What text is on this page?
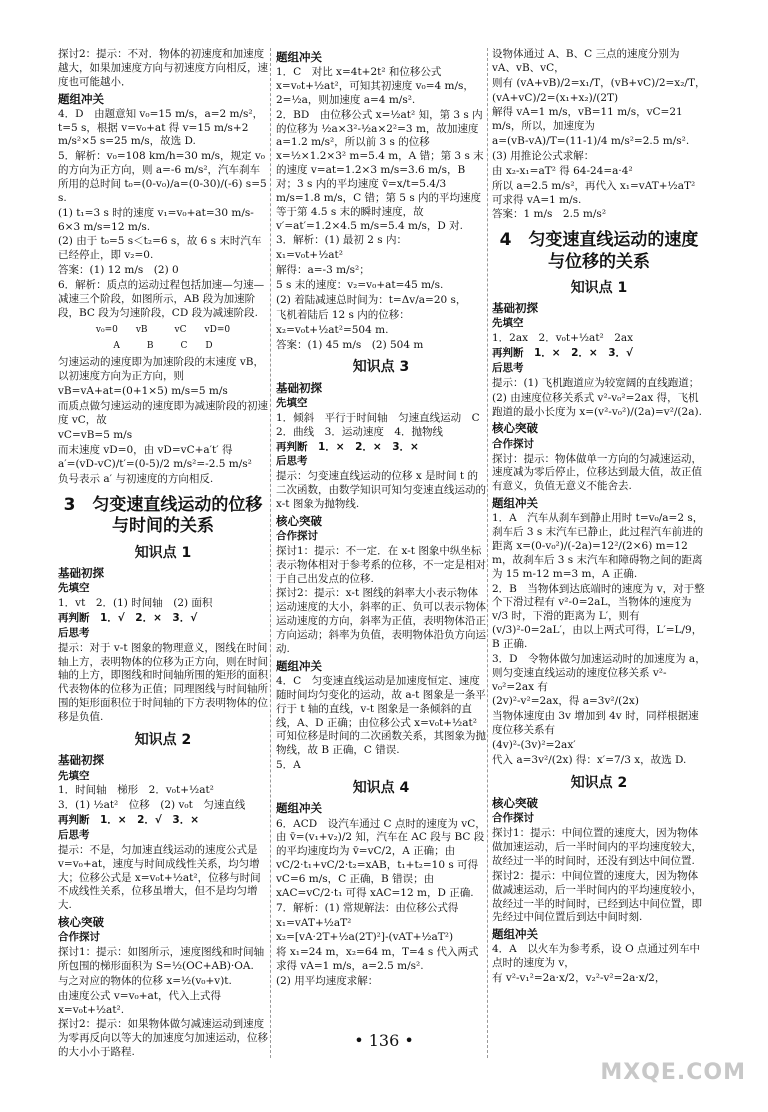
探讨2：提示：不对．物体的初速度和加速度越大，如果加速度方向与初速度方向相反，速度也可能越小．

题组冲关

4．D　由题意知 v₀=15 m/s，a=2 m/s²，t=5 s，根据 v=v₀+at 得 v=15 m/s+2 m/s²×5 s=25 m/s，故选 D.

5．解析：v₀=108 km/h=30 m/s，规定 v₀ 的方向为正方向，则 a=-6 m/s²，汽车刹车所用的总时间 t₀=(0-v₀)/a=(0-30)/(-6) s=5 s.

(1) t₁=3 s 时的速度 v₁=v₀+at=30 m/s-6×3 m/s=12 m/s.

(2) 由于 t₀=5 s＜t₂=6 s，故 6 s 末时汽车已经停止，即 v₂=0.

答案：(1) 12 m/s　(2) 0

6．解析：质点的运动过程包括加速—匀速—减速三个阶段，如图所示，AB 段为加速阶段，BC 段为匀速阶段，CD 段为减速阶段.

v₀=0　　vB　　　vC　　vD=0

A　　　B　　　C　　D

匀速运动的速度即为加速阶段的末速度 vB，以初速度方向为正方向，则

vB=vA+at=(0+1×5) m/s=5 m/s

而质点做匀速运动的速度即为减速阶段的初速度 vC，故

vC=vB=5 m/s

而末速度 vD=0，由 vD=vC+a′t′ 得

a′=(vD-vC)/t′=(0-5)/2 m/s²=-2.5 m/s²

负号表示 a′ 与初速度的方向相反.

3　匀变速直线运动的位移与时间的关系
知识点 1
基础初探
先填空

1．vt　2．(1) 时间轴　(2) 面积

再判断　1．√　2．×　3．√
后思考

提示：对于 v-t 图象的物理意义，图线在时间轴上方，表明物体的位移为正方向，则在时间轴的上方，即图线和时间轴所围的矩形的面积代表物体的位移为正值；同理图线与时间轴所围的矩形面积位于时间轴的下方表明物体的位移是负值.

知识点 2
基础初探
先填空

1．时间轴　梯形　2．v₀t+½at²

3．(1) ½at²　位移　(2) v₀t　匀速直线

再判断　1．×　2．√　3．×
后思考

提示：不是，匀加速直线运动的速度公式是 v=v₀+at，速度与时间成线性关系，均匀增大；位移公式是 x=v₀t+½at²，位移与时间不成线性关系，位移虽增大，但不是均匀增大.

核心突破
合作探讨

探讨1：提示：如图所示，速度图线和时间轴所包围的梯形面积为 S=½(OC+AB)·OA.

与之对应的物体的位移 x=½(v₀+v)t.

由速度公式 v=v₀+at，代入上式得 x=v₀t+½at².

探讨2：提示：如果物体做匀减速运动到速度为零再反向以等大的加速度匀加速运动，位移的大小小于路程.

题组冲关

1．C　对比 x=4t+2t² 和位移公式 x=v₀t+½at²，可知其初速度 v₀=4 m/s，2=½a，则加速度 a=4 m/s².

2．BD　由位移公式 x=½at² 知，第 3 s 内的位移为 ½a×3²-½a×2²=3 m，故加速度 a=1.2 m/s²，所以前 3 s 的位移 x=½×1.2×3² m=5.4 m，A 错；第 3 s 末的速度 v=at=1.2×3 m/s=3.6 m/s，B 对；3 s 内的平均速度 v̄=x/t=5.4/3 m/s=1.8 m/s，C 错；第 5 s 内的平均速度等于第 4.5 s 末的瞬时速度，故 v′=at′=1.2×4.5 m/s=5.4 m/s，D 对.

3．解析：(1) 最初 2 s 内：

x₁=v₀t+½at²

解得：a=-3 m/s²；

5 s 末的速度：v₂=v₀+at=45 m/s.

(2) 着陆减速总时间为：t=Δv/a=20 s，

飞机着陆后 12 s 内的位移：

x₂=v₀t+½at²=504 m.

答案：(1) 45 m/s　(2) 504 m

知识点 3
基础初探
先填空

1．倾斜　平行于时间轴　匀速直线运动　C　2．曲线　3．运动速度　4．抛物线

再判断　1．×　2．×　3．×
后思考

提示：匀变速直线运动的位移 x 是时间 t 的二次函数，由数学知识可知匀变速直线运动的 x-t 图象为抛物线.

核心突破
合作探讨

探讨1：提示：不一定．在 x-t 图象中纵坐标表示物体相对于参考系的位移，不一定是相对于自己出发点的位移.

探讨2：提示：x-t 图线的斜率大小表示物体运动速度的大小，斜率的正、负可以表示物体运动速度的方向，斜率为正值，表明物体沿正方向运动；斜率为负值，表明物体沿负方向运动.

题组冲关

4．C　匀变速直线运动是加速度恒定、速度随时间均匀变化的运动，故 a-t 图象是一条平行于 t 轴的直线，v-t 图象是一条倾斜的直线，A、D 正确；由位移公式 x=v₀t+½at² 可知位移是时间的二次函数关系，其图象为抛物线，故 B 正确，C 错误.

5．A

知识点 4
题组冲关

6．ACD　设汽车通过 C 点时的速度为 vC，由 v̄=(v₁+v₂)/2 知，汽车在 AC 段与 BC 段的平均速度均为 v̄=vC/2，A 正确；由 vC/2·t₁+vC/2·t₂=xAB，t₁+t₂=10 s 可得 vC=6 m/s，C 正确，B 错误；由 xAC=vC/2·t₁ 可得 xAC=12 m，D 正确.

7．解析：(1) 常规解法：由位移公式得

x₁=vAT+½aT²

x₂=[vA·2T+½a(2T)²]-(vAT+½aT²)

将 x₁=24 m，x₂=64 m，T=4 s 代入两式求得 vA=1 m/s，a=2.5 m/s².

(2) 用平均速度求解：

设物体通过 A、B、C 三点的速度分别为 vA、vB、vC，

则有 (vA+vB)/2=x₁/T，(vB+vC)/2=x₂/T，

(vA+vC)/2=(x₁+x₂)/(2T)

解得 vA=1 m/s，vB=11 m/s，vC=21 m/s，所以，加速度为

a=(vB-vA)/T=(11-1)/4 m/s²=2.5 m/s².

(3) 用推论公式求解：

由 x₂-x₁=aT² 得 64-24=a·4²

所以 a=2.5 m/s²，再代入 x₁=vAT+½aT² 可求得 vA=1 m/s.

答案：1 m/s　2.5 m/s²

4　匀变速直线运动的速度与位移的关系
知识点 1
基础初探
先填空

1．2ax　2．v₀t+½at²　2ax

再判断　1．×　2．×　3．√
后思考

提示：(1) 飞机跑道应为较宽阔的直线跑道；

(2) 由速度位移关系式 v²-v₀²=2ax 得，飞机跑道的最小长度为 x=(v²-v₀²)/(2a)=v²/(2a).

核心突破
合作探讨

探讨：提示：物体做单一方向的匀减速运动，速度减为零后停止，位移达到最大值，故正值有意义，负值无意义不能舍去.

题组冲关

1．A　汽车从刹车到静止用时 t=v₀/a=2 s，刹车后 3 s 末汽车已静止，此过程汽车前进的距离 x=(0-v₀²)/(-2a)=12²/(2×6) m=12 m，故刹车后 3 s 末汽车和障碍物之间的距离为 15 m-12 m=3 m，A 正确.

2．B　当物体到达底端时的速度为 v，对于整个下滑过程有 v²-0=2aL，当物体的速度为 v/3 时，下滑的距离为 L′，则有 (v/3)²-0=2aL′，由以上两式可得，L′=L/9，B 正确.

3．D　令物体做匀加速运动时的加速度为 a，则匀变速直线运动的速度位移关系 v²-v₀²=2ax 有

(2v)²-v²=2ax，得 a=3v²/(2x)

当物体速度由 3v 增加到 4v 时，同样根据速度位移关系有

(4v)²-(3v)²=2ax′

代入 a=3v²/(2x) 得：x′=7/3 x，故选 D.

知识点 2
核心突破
合作探讨

探讨1：提示：中间位置的速度大，因为物体做加速运动，后一半时间内的平均速度较大，故经过一半的时间时，还没有到达中间位置.

探讨2：提示：中间位置的速度大，因为物体做减速运动，后一半时间内的平均速度较小，故经过一半的时间时，已经到达中间位置，即先经过中间位置后到达中间时刻.

题组冲关

4．A　以火车为参考系，设 O 点通过列车中点时的速度为 v，

有 v²-v₁²=2a·x/2，v₂²-v²=2a·x/2，

• 136 •
MXQE.COM
